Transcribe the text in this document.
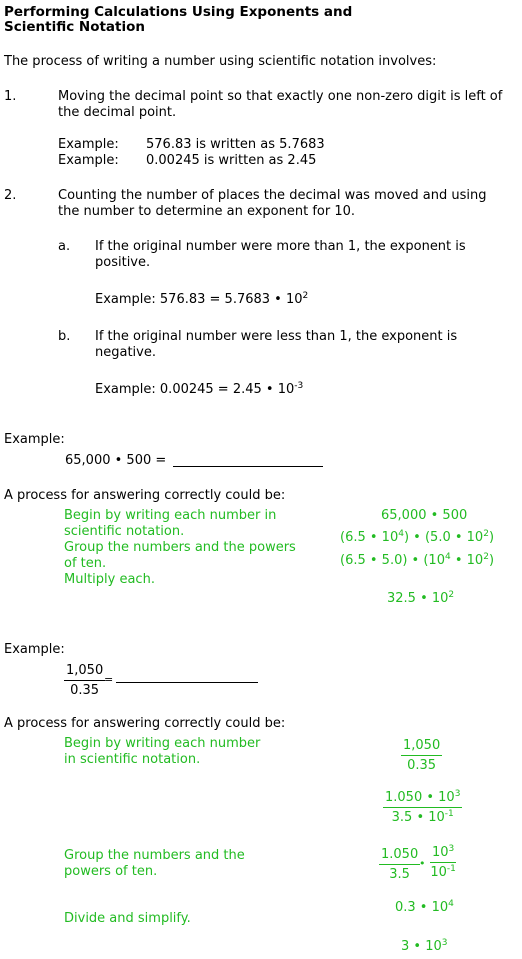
Performing Calculations Using Exponents and
Scientific Notation
The process of writing a number using scientific notation involves:
1.	Moving the decimal point so that exactly one non-zero digit is left of
the decimal point.
Example: 576.83 is written as 5.7683
Example: 0.00245 is written as 2.45
2.	Counting the number of places the decimal was moved and using
the number to determine an exponent for 10.
a. If the original number were more than 1, the exponent is
positive.
Example: 576.83 = 5.7683 • $10^2$
b. If the original number were less than 1, the exponent is
negative.
Example: 0.00245 = 2.45 • $10^{-3}$
Example:
65,000 • 500 =
A process for answering correctly could be:
Begin by writing each number in
scientific notation.
Group the numbers and the powers
of ten.
Multiply each.
65,000 • 500
(6.5 • $10^4$) • (5.0 • $10^2$)
(6.5 • 5.0) • ($10^4$ • $10^2$)
32.5 • $10^2$
Example:
$\frac{1,050}{0.35}$
=
A process for answering correctly could be:
Begin by writing each number
in scientific notation.
Group the numbers and the
powers of ten.
Divide and simplify.
$\frac{1,050}{0.35}$
$\frac{1.050 • 10^3}{3.5 • 10^{-1}}$
$\frac{1.050}{3.5}$
• $\frac{10^3}{10^{-1}}$
0.3 • $10^4$
3 • $10^3$
